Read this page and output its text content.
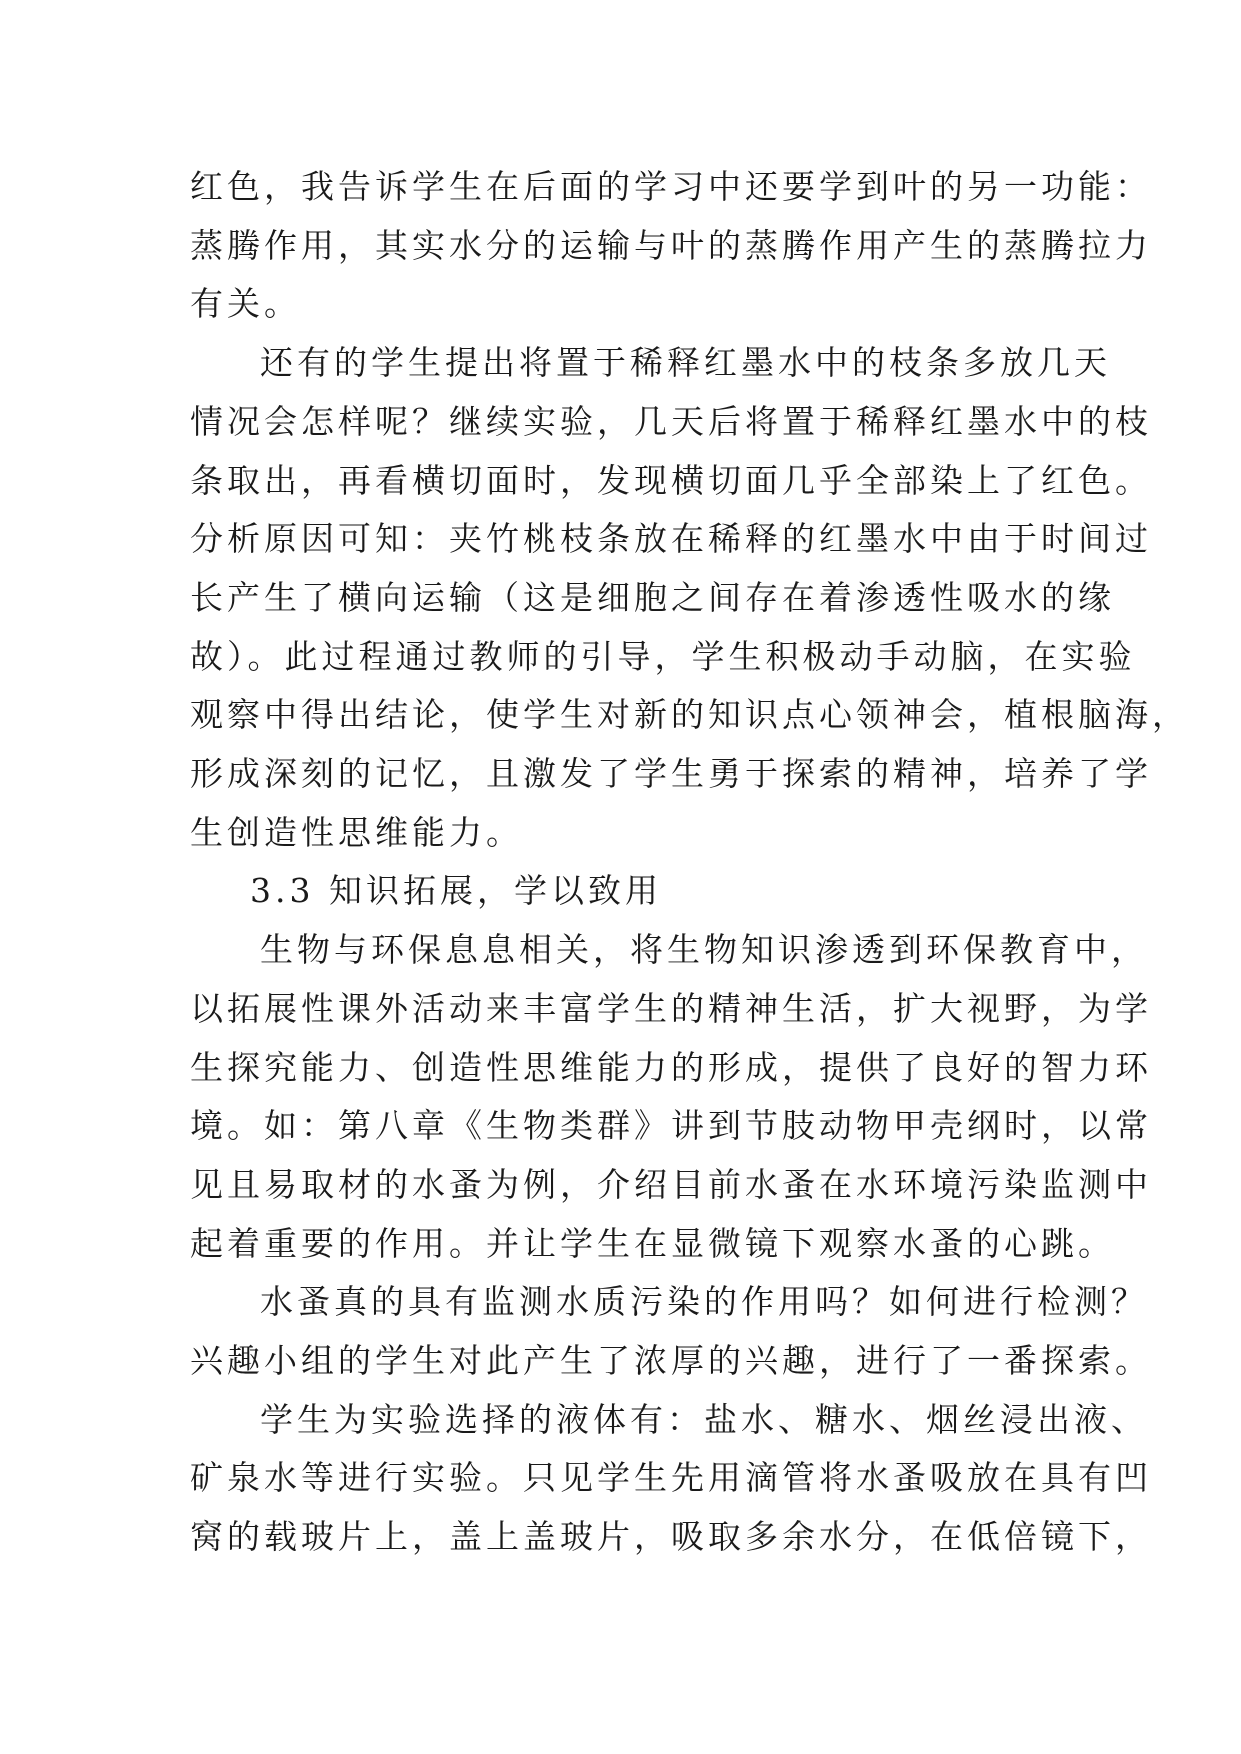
红色，我告诉学生在后面的学习中还要学到叶的另一功能：

蒸腾作用，其实水分的运输与叶的蒸腾作用产生的蒸腾拉力

有关。

还有的学生提出将置于稀释红墨水中的枝条多放几天

情况会怎样呢？继续实验，几天后将置于稀释红墨水中的枝

条取出，再看横切面时，发现横切面几乎全部染上了红色。

分析原因可知：夹竹桃枝条放在稀释的红墨水中由于时间过

长产生了横向运输（这是细胞之间存在着渗透性吸水的缘

故）。此过程通过教师的引导，学生积极动手动脑，在实验

观察中得出结论，使学生对新的知识点心领神会，植根脑海，

形成深刻的记忆，且激发了学生勇于探索的精神，培养了学

生创造性思维能力。

3.3 知识拓展，学以致用

生物与环保息息相关，将生物知识渗透到环保教育中，

以拓展性课外活动来丰富学生的精神生活，扩大视野，为学

生探究能力、创造性思维能力的形成，提供了良好的智力环

境。如：第八章《生物类群》讲到节肢动物甲壳纲时，以常

见且易取材的水蚤为例，介绍目前水蚤在水环境污染监测中

起着重要的作用。并让学生在显微镜下观察水蚤的心跳。

水蚤真的具有监测水质污染的作用吗？如何进行检测？

兴趣小组的学生对此产生了浓厚的兴趣，进行了一番探索。

学生为实验选择的液体有：盐水、糖水、烟丝浸出液、

矿泉水等进行实验。只见学生先用滴管将水蚤吸放在具有凹

窝的载玻片上，盖上盖玻片，吸取多余水分，在低倍镜下，
